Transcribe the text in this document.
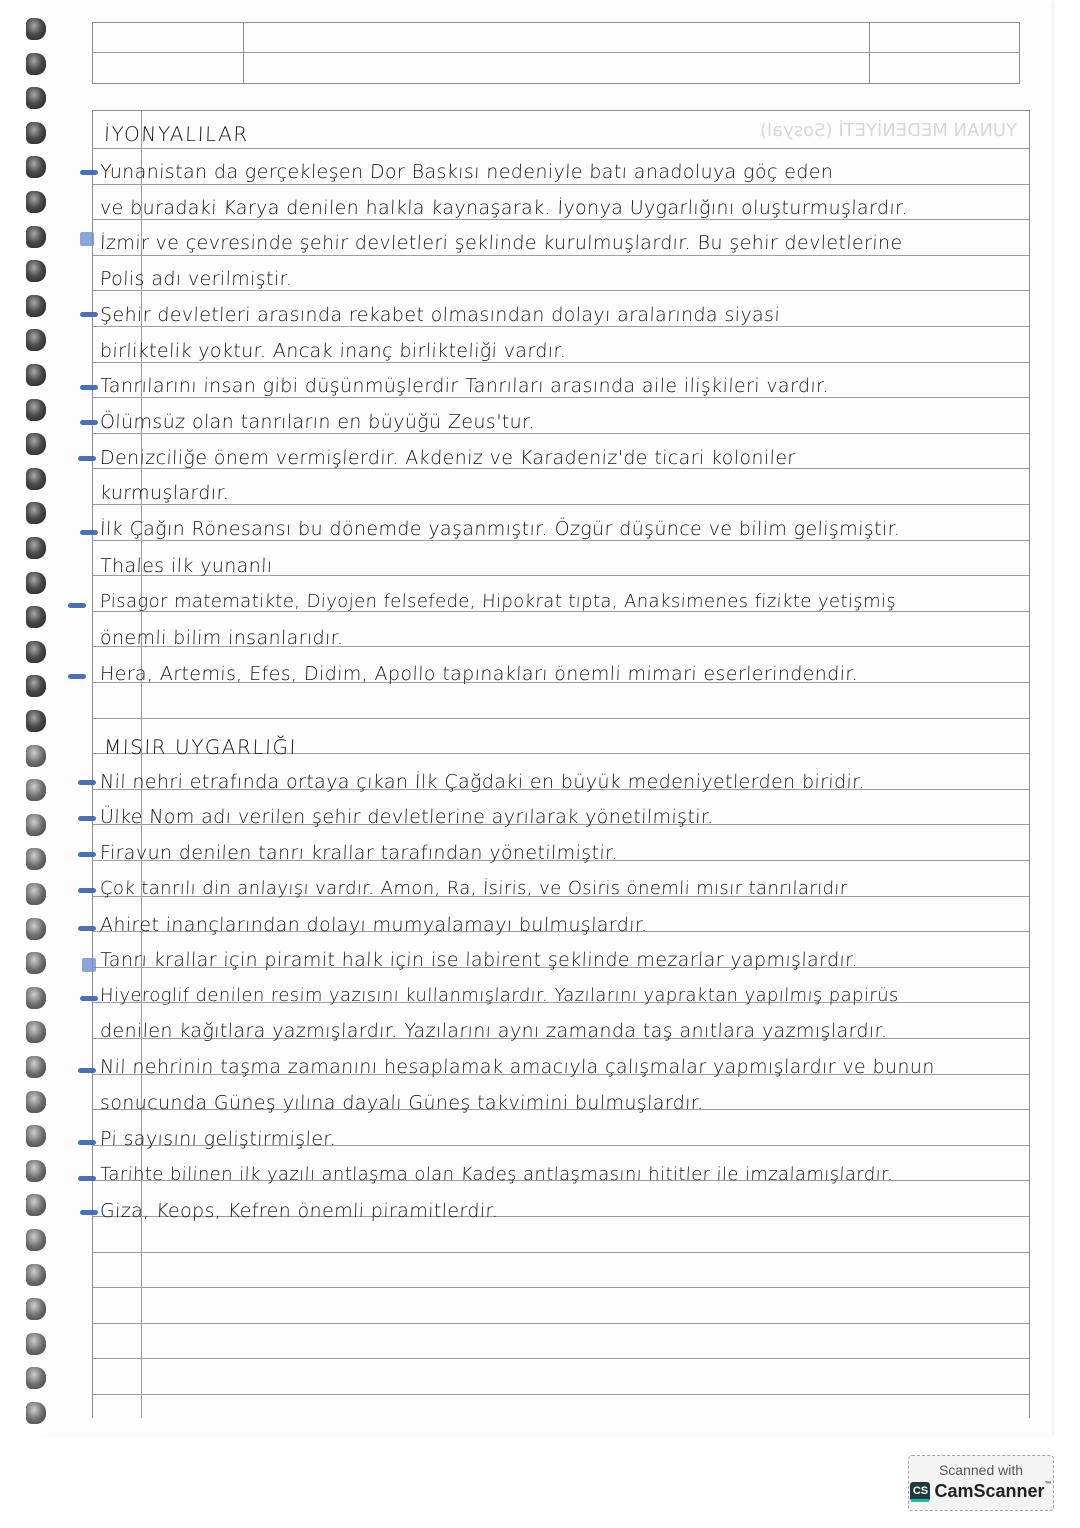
YUNAN MEDENİYETİ (Sosyal)
İYONYALILAR
Yunanistan da gerçekleşen Dor Baskısı nedeniyle batı anadoluya göç eden
ve buradaki Karya denilen halkla kaynaşarak. İyonya Uygarlığını oluşturmuşlardır.
İzmir ve çevresinde şehir devletleri şeklinde kurulmuşlardır. Bu şehir devletlerine
Polis adı verilmiştir.
Şehir devletleri arasında rekabet olmasından dolayı aralarında siyasi
birliktelik yoktur. Ancak inanç birlikteliği vardır.
Tanrılarını insan gibi düşünmüşlerdir Tanrıları arasında aile ilişkileri vardır.
Ölümsüz olan tanrıların en büyüğü Zeus'tur.
Denizciliğe önem vermişlerdir. Akdeniz ve Karadeniz'de ticari koloniler
kurmuşlardır.
İlk Çağın Rönesansı bu dönemde yaşanmıştır. Özgür düşünce ve bilim gelişmiştir.
Thales ilk yunanlı
Pisagor matematikte, Diyojen felsefede, Hipokrat tıpta, Anaksimenes fizikte yetişmiş
önemli bilim insanlarıdır.
Hera, Artemis, Efes, Didim, Apollo tapınakları önemli mimari eserlerindendir.
MISIR UYGARLIĞI
Nil nehri etrafında ortaya çıkan İlk Çağdaki en büyük medeniyetlerden biridir.
Ülke Nom adı verilen şehir devletlerine ayrılarak yönetilmiştir.
Firavun denilen tanrı krallar tarafından yönetilmiştir.
Çok tanrılı din anlayışı vardır. Amon, Ra, İsiris, ve Osiris önemli mısır tanrılarıdır
Ahiret inançlarından dolayı mumyalamayı bulmuşlardır.
Tanrı krallar için piramit halk için ise labirent şeklinde mezarlar yapmışlardır.
Hiyeroglif denilen resim yazısını kullanmışlardır. Yazılarını yapraktan yapılmış papirüs
denilen kağıtlara yazmışlardır. Yazılarını aynı zamanda taş anıtlara yazmışlardır.
Nil nehrinin taşma zamanını hesaplamak amacıyla çalışmalar yapmışlardır ve bunun
sonucunda Güneş yılına dayalı Güneş takvimini bulmuşlardır.
Pi sayısını geliştirmişler.
Tarihte bilinen ilk yazılı antlaşma olan Kadeş antlaşmasını hititler ile imzalamışlardır.
Giza, Keops, Kefren önemli piramitlerdir.
Scanned with
CS CamScanner™
